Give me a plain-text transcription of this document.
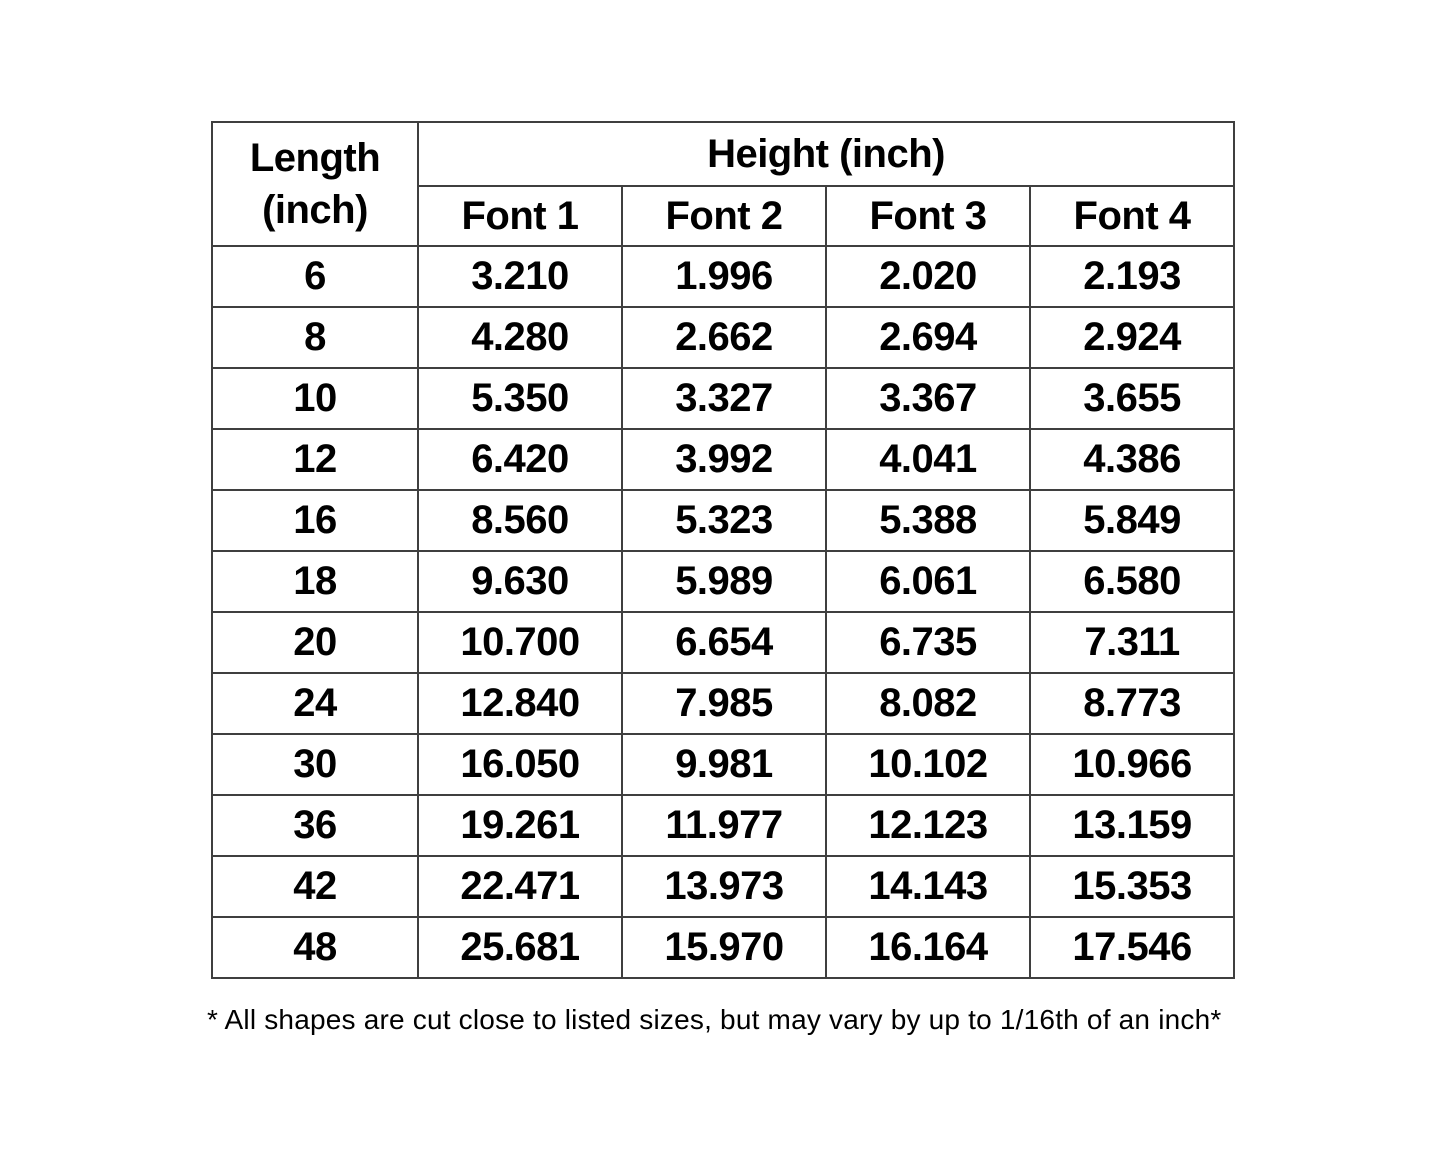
Length
(inch)	Height (inch)			
	Font 1	Font 2	Font 3	Font 4
6	3.210	1.996	2.020	2.193
8	4.280	2.662	2.694	2.924
10	5.350	3.327	3.367	3.655
12	6.420	3.992	4.041	4.386
16	8.560	5.323	5.388	5.849
18	9.630	5.989	6.061	6.580
20	10.700	6.654	6.735	7.311
24	12.840	7.985	8.082	8.773
30	16.050	9.981	10.102	10.966
36	19.261	11.977	12.123	13.159
42	22.471	13.973	14.143	15.353
48	25.681	15.970	16.164	17.546
* All shapes are cut close to listed sizes, but may vary by up to 1/16th of an inch*
